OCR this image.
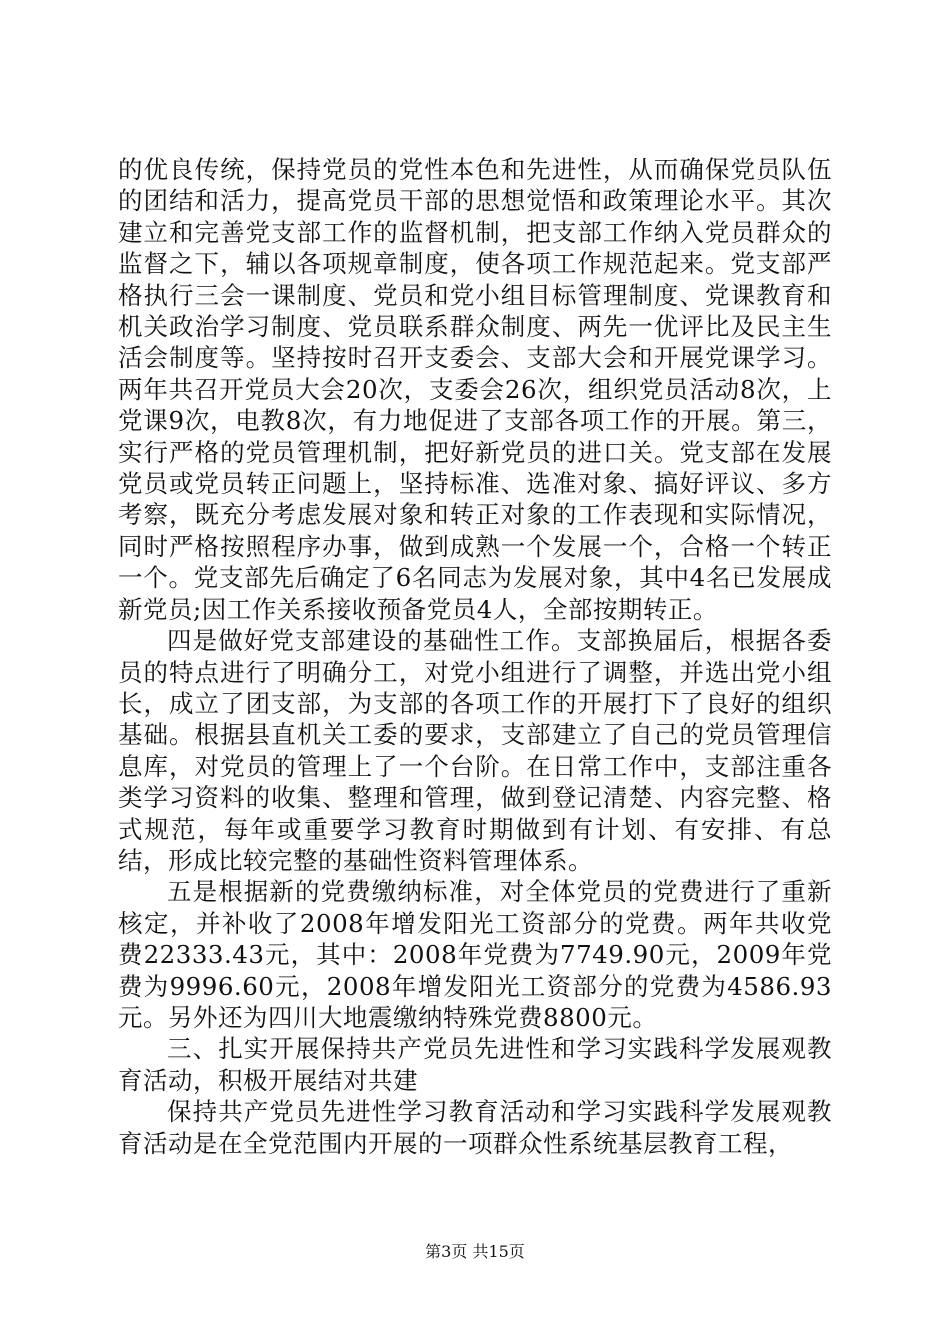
的优良传统，保持党员的党性本色和先进性，从而确保党员队伍的团结和活力，提高党员干部的思想觉悟和政策理论水平。其次建立和完善党支部工作的监督机制，把支部工作纳入党员群众的监督之下，辅以各项规章制度，使各项工作规范起来。党支部严格执行三会一课制度、党员和党小组目标管理制度、党课教育和机关政治学习制度、党员联系群众制度、两先一优评比及民主生活会制度等。坚持按时召开支委会、支部大会和开展党课学习。两年共召开党员大会20次，支委会26次，组织党员活动8次，上党课9次，电教8次，有力地促进了支部各项工作的开展。第三，实行严格的党员管理机制，把好新党员的进口关。党支部在发展党员或党员转正问题上，坚持标准、选准对象、搞好评议、多方考察，既充分考虑发展对象和转正对象的工作表现和实际情况，同时严格按照程序办事，做到成熟一个发展一个，合格一个转正一个。党支部先后确定了6名同志为发展对象，其中4名已发展成新党员;因工作关系接收预备党员4人，全部按期转正。

四是做好党支部建设的基础性工作。支部换届后，根据各委员的特点进行了明确分工，对党小组进行了调整，并选出党小组长，成立了团支部，为支部的各项工作的开展打下了良好的组织基础。根据县直机关工委的要求，支部建立了自己的党员管理信息库，对党员的管理上了一个台阶。在日常工作中，支部注重各类学习资料的收集、整理和管理，做到登记清楚、内容完整、格式规范，每年或重要学习教育时期做到有计划、有安排、有总结，形成比较完整的基础性资料管理体系。

五是根据新的党费缴纳标准，对全体党员的党费进行了重新核定，并补收了2008年增发阳光工资部分的党费。两年共收党费22333.43元，其中：2008年党费为7749.90元，2009年党费为9996.60元，2008年增发阳光工资部分的党费为4586.93元。另外还为四川大地震缴纳特殊党费8800元。

三、扎实开展保持共产党员先进性和学习实践科学发展观教育活动，积极开展结对共建

保持共产党员先进性学习教育活动和学习实践科学发展观教育活动是在全党范围内开展的一项群众性系统基层教育工程，

第3页 共15页
